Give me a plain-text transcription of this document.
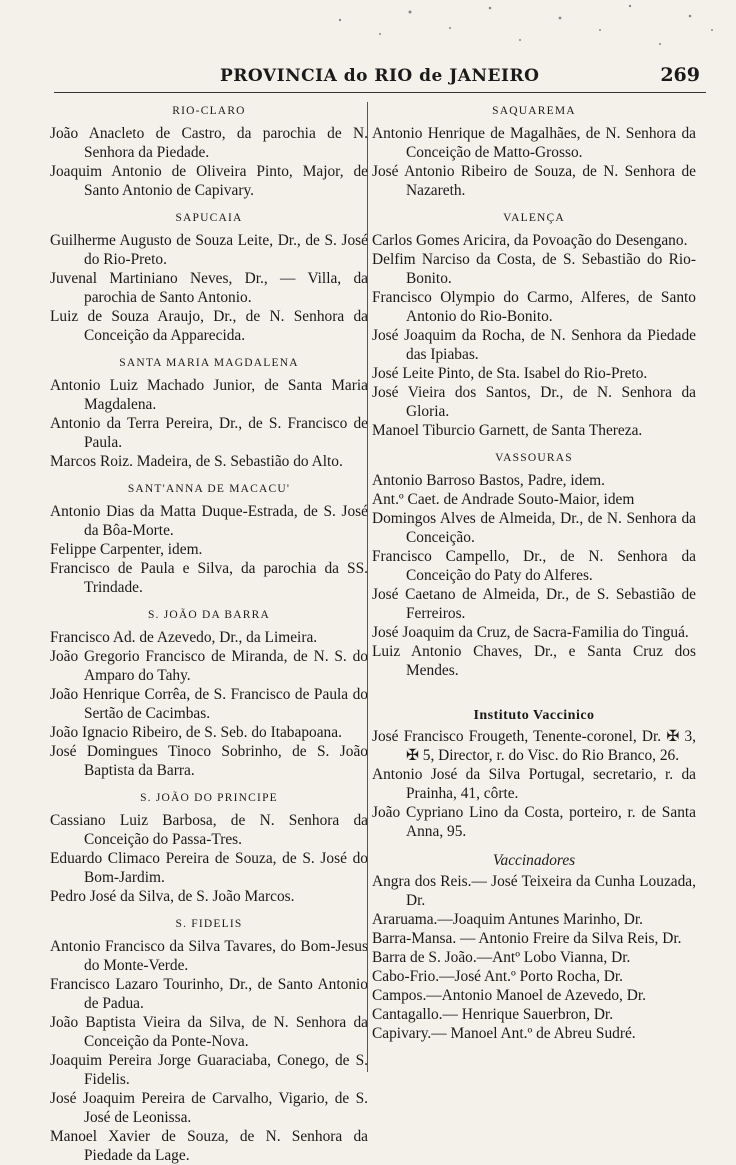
PROVINCIA do RIO de JANEIRO	269
RIO-CLARO
João Anacleto de Castro, da parochia de N. Senhora da Piedade.
Joaquim Antonio de Oliveira Pinto, Major, de Santo Antonio de Capivary.
SAPUCAIA
Guilherme Augusto de Souza Leite, Dr., de S. José do Rio-Preto.
Juvenal Martiniano Neves, Dr., — Villa, da parochia de Santo Antonio.
Luiz de Souza Araujo, Dr., de N. Senhora da Conceição da Apparecida.
SANTA MARIA MAGDALENA
Antonio Luiz Machado Junior, de Santa Maria Magdalena.
Antonio da Terra Pereira, Dr., de S. Francisco de Paula.
Marcos Roiz. Madeira, de S. Sebastião do Alto.
SANT'ANNA DE MACACU'
Antonio Dias da Matta Duque-Estrada, de S. José da Bôa-Morte.
Felippe Carpenter, idem.
Francisco de Paula e Silva, da parochia da SS. Trindade.
S. JOÃO DA BARRA
Francisco Ad. de Azevedo, Dr., da Limeira.
João Gregorio Francisco de Miranda, de N. S. do Amparo do Tahy.
João Henrique Corrêa, de S. Francisco de Paula do Sertão de Cacimbas.
João Ignacio Ribeiro, de S. Seb. do Itabapoana.
José Domingues Tinoco Sobrinho, de S. João Baptista da Barra.
S. JOÃO DO PRINCIPE
Cassiano Luiz Barbosa, de N. Senhora da Conceição do Passa-Tres.
Eduardo Climaco Pereira de Souza, de S. José do Bom-Jardim.
Pedro José da Silva, de S. João Marcos.
S. FIDELIS
Antonio Francisco da Silva Tavares, do Bom-Jesus do Monte-Verde.
Francisco Lazaro Tourinho, Dr., de Santo Antonio de Padua.
João Baptista Vieira da Silva, de N. Senhora da Conceição da Ponte-Nova.
Joaquim Pereira Jorge Guaraciaba, Conego, de S. Fidelis.
José Joaquim Pereira de Carvalho, Vigario, de S. José de Leonissa.
Manoel Xavier de Souza, de N. Senhora da Piedade da Lage.
SAQUAREMA
Antonio Henrique de Magalhães, de N. Senhora da Conceição de Matto-Grosso.
José Antonio Ribeiro de Souza, de N. Senhora de Nazareth.
VALENÇA
Carlos Gomes Aricira, da Povoação do Desengano.
Delfim Narciso da Costa, de S. Sebastião do Rio-Bonito.
Francisco Olympio do Carmo, Alferes, de Santo Antonio do Rio-Bonito.
José Joaquim da Rocha, de N. Senhora da Piedade das Ipiabas.
José Leite Pinto, de Sta. Isabel do Rio-Preto.
José Vieira dos Santos, Dr., de N. Senhora da Gloria.
Manoel Tiburcio Garnett, de Santa Thereza.
VASSOURAS
Antonio Barroso Bastos, Padre, idem.
Ant.º Caet. de Andrade Souto-Maior, idem
Domingos Alves de Almeida, Dr., de N. Senhora da Conceição.
Francisco Campello, Dr., de N. Senhora da Conceição do Paty do Alferes.
José Caetano de Almeida, Dr., de S. Sebastião de Ferreiros.
José Joaquim da Cruz, de Sacra-Familia do Tinguá.
Luiz Antonio Chaves, Dr., e Santa Cruz dos Mendes.
Instituto Vaccinico
José Francisco Frougeth, Tenente-coronel, Dr. ✠ 3, ✠ 5, Director, r. do Visc. do Rio Branco, 26.
Antonio José da Silva Portugal, secretario, r. da Prainha, 41, côrte.
João Cypriano Lino da Costa, porteiro, r. de Santa Anna, 95.
Vaccinadores
Angra dos Reis.— José Teixeira da Cunha Louzada, Dr.
Araruama.—Joaquim Antunes Marinho, Dr.
Barra-Mansa. — Antonio Freire da Silva Reis, Dr.
Barra de S. João.—Antº Lobo Vianna, Dr.
Cabo-Frio.—José Ant.º Porto Rocha, Dr.
Campos.—Antonio Manoel de Azevedo, Dr.
Cantagallo.— Henrique Sauerbron, Dr.
Capivary.— Manoel Ant.º de Abreu Sudré.
